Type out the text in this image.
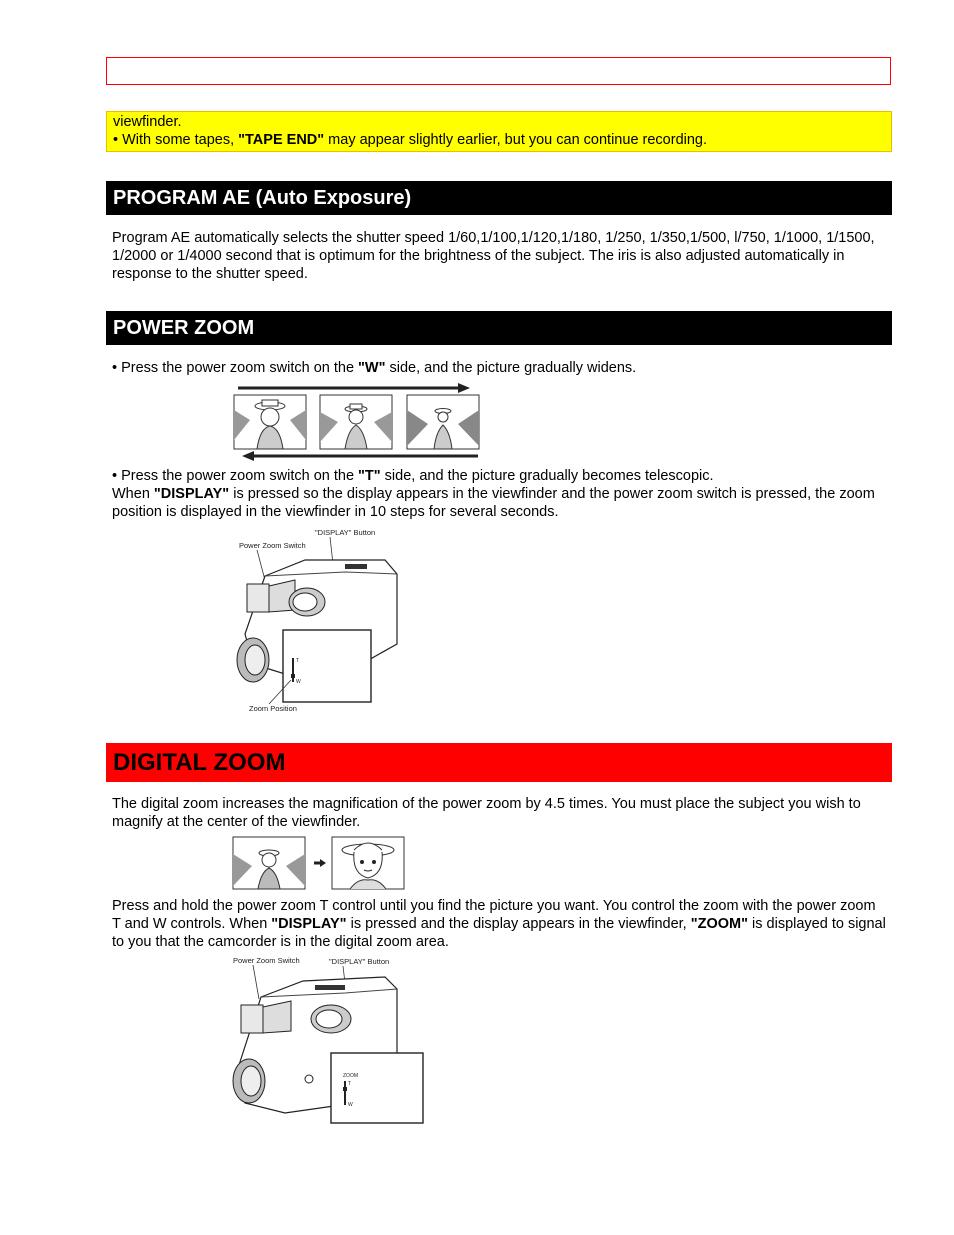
viewfinder.
• With some tapes, "TAPE END" may appear slightly earlier, but you can continue recording.
PROGRAM AE (Auto Exposure)
Program AE automatically selects the shutter speed 1/60,1/100,1/120,1/180, 1/250, 1/350,1/500, l/750, 1/1000, 1/1500, 1/2000 or 1/4000 second that is optimum for the brightness of the subject. The iris is also adjusted automatically in response to the shutter speed.
POWER ZOOM
• Press the power zoom switch on the "W" side, and the picture gradually widens.
• Press the power zoom switch on the "T" side, and the picture gradually becomes telescopic.
When "DISPLAY" is pressed so the display appears in the viewfinder and the power zoom switch is pressed, the zoom position is displayed in the viewfinder in 10 steps for several seconds.
"DISPLAY" Button
Power Zoom Switch
T
W
Zoom Position
DIGITAL ZOOM
The digital zoom increases the magnification of the power zoom by 4.5 times. You must place the subject you wish to magnify at the center of the viewfinder.
Press and hold the power zoom T control until you find the picture you want. You control the zoom with the power zoom T and W controls. When "DISPLAY" is pressed and the display appears in the viewfinder, "ZOOM" is displayed to signal to you that the camcorder is in the digital zoom area.
Power Zoom Switch	"DISPLAY" Button
ZOOM
T
W
